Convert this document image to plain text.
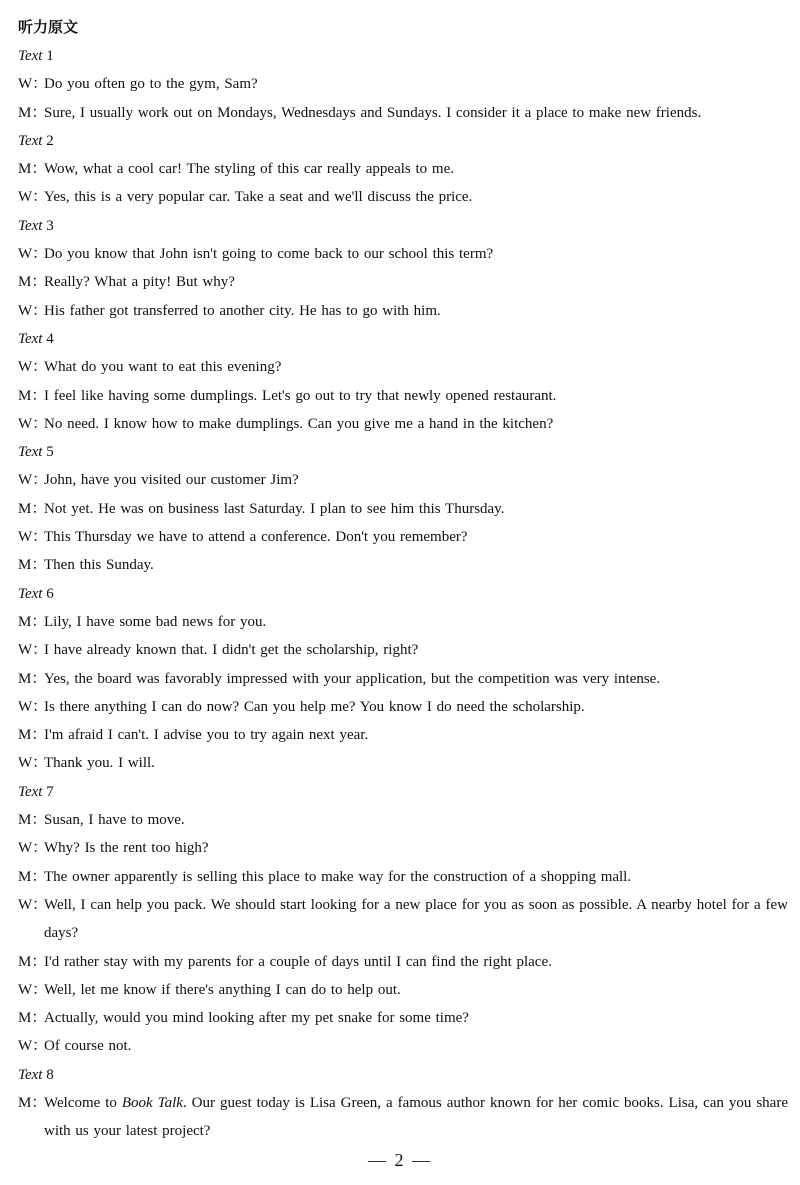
听力原文
Text 1
W：
Do you often go to the gym, Sam?
M：
Sure, I usually work out on Mondays, Wednesdays and Sundays. I consider it a place to make new friends.
Text 2
M：
Wow, what a cool car! The styling of this car really appeals to me.
W：
Yes, this is a very popular car. Take a seat and we'll discuss the price.
Text 3
W：
Do you know that John isn't going to come back to our school this term?
M：
Really? What a pity! But why?
W：
His father got transferred to another city. He has to go with him.
Text 4
W：
What do you want to eat this evening?
M：
I feel like having some dumplings. Let's go out to try that newly opened restaurant.
W：
No need. I know how to make dumplings. Can you give me a hand in the kitchen?
Text 5
W：
John, have you visited our customer Jim?
M：
Not yet. He was on business last Saturday. I plan to see him this Thursday.
W：
This Thursday we have to attend a conference. Don't you remember?
M：
Then this Sunday.
Text 6
M：
Lily, I have some bad news for you.
W：
I have already known that. I didn't get the scholarship, right?
M：
Yes, the board was favorably impressed with your application, but the competition was very intense.
W：
Is there anything I can do now? Can you help me? You know I do need the scholarship.
M：
I'm afraid I can't. I advise you to try again next year.
W：
Thank you. I will.
Text 7
M：
Susan, I have to move.
W：
Why? Is the rent too high?
M：
The owner apparently is selling this place to make way for the construction of a shopping mall.
W：
Well, I can help you pack. We should start looking for a new place for you as soon as possible. A nearby hotel for a few days?
M：
I'd rather stay with my parents for a couple of days until I can find the right place.
W：
Well, let me know if there's anything I can do to help out.
M：
Actually, would you mind looking after my pet snake for some time?
W：
Of course not.
Text 8
M：
Welcome to Book Talk. Our guest today is Lisa Green, a famous author known for her comic books. Lisa, can you share with us your latest project?
— 2 —
